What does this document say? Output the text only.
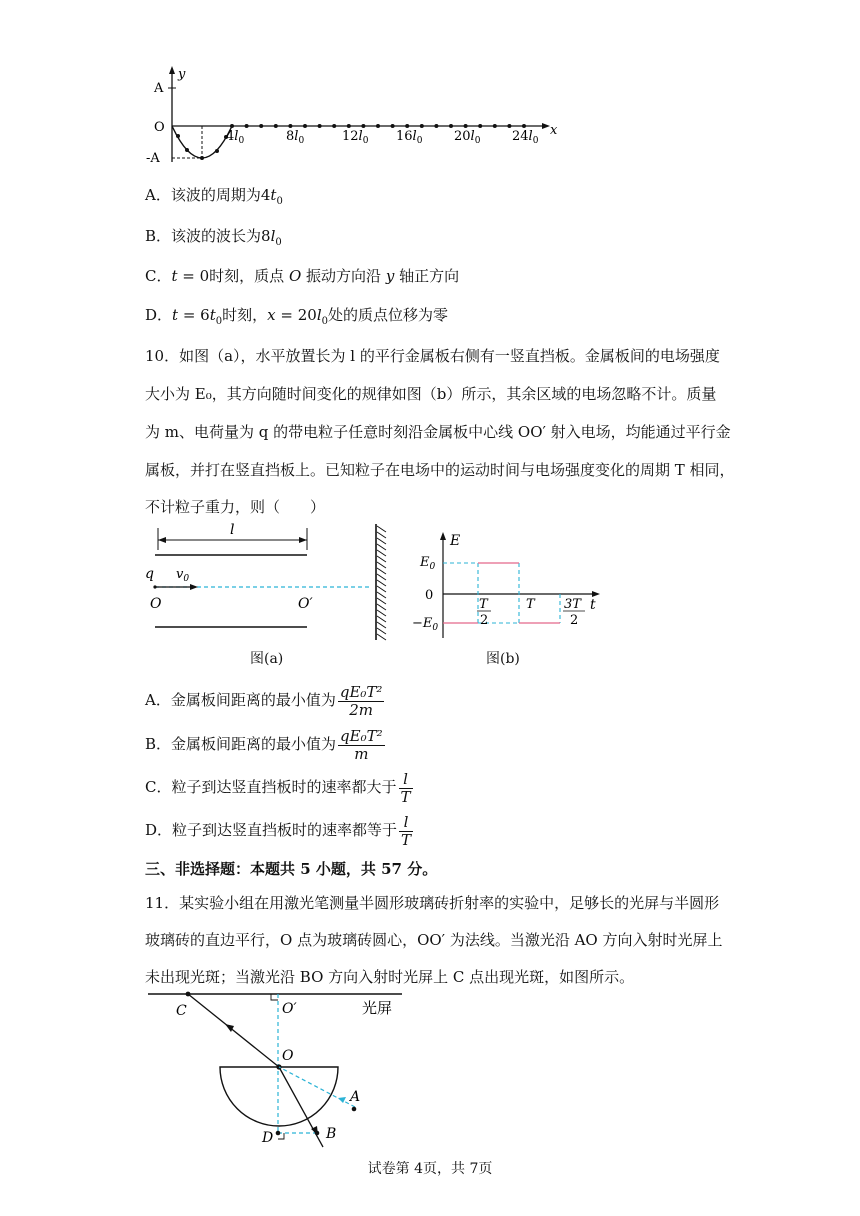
y
x
A
O
-A
$4l_0$	$8l_0$	$12l_0$ $16l_0$ $20l_0$ $24l_0$
A．该波的周期为$4t_0$
B．该波的波长为$8l_0$
C．t = 0时刻，质点 O 振动方向沿 y 轴正方向
D．$t = 6t_0$时刻，$x = 20l_0$处的质点位移为零
10．如图（a），水平放置长为 l 的平行金属板右侧有一竖直挡板。金属板间的电场强度
大小为 E₀，其方向随时间变化的规律如图（b）所示，其余区域的电场忽略不计。质量
为 m、电荷量为 q 的带电粒子任意时刻沿金属板中心线 OO′ 射入电场，均能通过平行金
属板，并打在竖直挡板上。已知粒子在电场中的运动时间与电场强度变化的周期 T 相同，
不计粒子重力，则（　　）
l
q $v_0$
O	O′
图(a)
E
t
$E_0$
0
$-E_0$
T
2
T 3T
2
图(b)
A．金属板间距离的最小值为 $\frac{\text{qE₀T²}}{2m}$
B．金属板间距离的最小值为 $\frac{\text{qE₀T²}}{m}$
C．粒子到达竖直挡板时的速率都大于 $\frac{l}{T}$
D．粒子到达竖直挡板时的速率都等于 $\frac{l}{T}$
三、非选择题：本题共 5 小题，共 57 分。
11．某实验小组在用激光笔测量半圆形玻璃砖折射率的实验中，足够长的光屏与半圆形
玻璃砖的直边平行，O 点为玻璃砖圆心，OO′ 为法线。当激光沿 AO 方向入射时光屏上
未出现光斑；当激光沿 BO 方向入射时光屏上 C 点出现光斑，如图所示。
光屏
C	O′
O
A
D	B
试卷第 4页，共 7页
